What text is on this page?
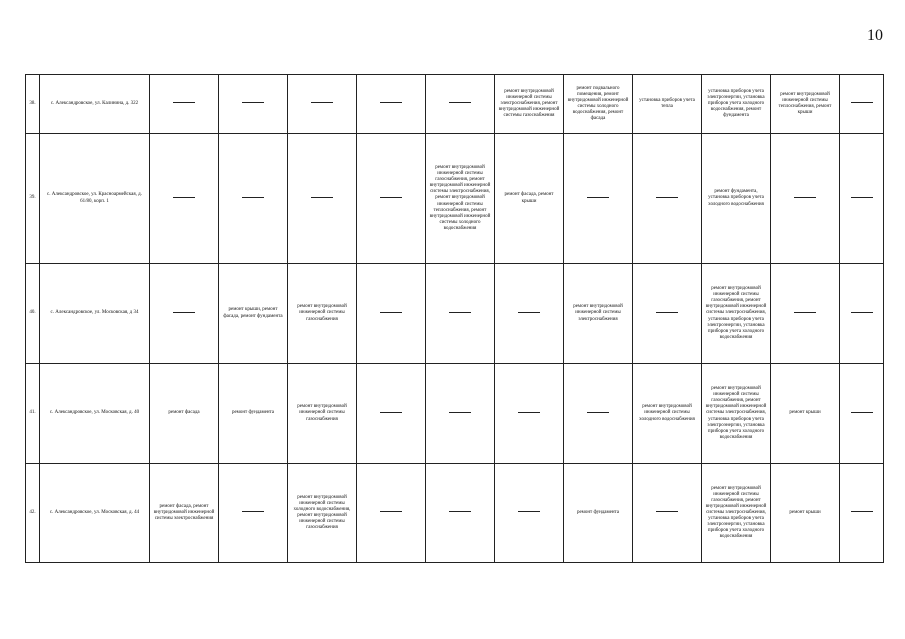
10
38.	с. Александровское, ул. Калинина, д. 322						ремонт внутридомовой инженерной системы электроснабжения, ремонт внутридомовой инженерной системы газоснабжения	ремонт подвального помещения, ремонт внутридомовой инженерной системы холодного водоснабжения, ремонт фасада	установка приборов учета тепла	установка приборов учета электроэнергии, установка приборов учета холодного водоснабжения, ремонт фундамента	ремонт внутридомовой инженерной системы теплоснабжения, ремонт крыши	
39.	с. Александровское, ул. Красноармейская, д. 61/80, корп. 1					ремонт внутридомовой инженерной системы газоснабжения, ремонт внутридомовой инженерной системы электроснабжения, ремонт внутридомовой инженерной системы теплоснабжения, ремонт внутридомовой инженерной системы холодного водоснабжения	ремонт фасада, ремонт крыши			ремонт фундамента, установка приборов учета холодного водоснабжения		
40.	с. Александровское, ул. Московская, д 34		ремонт крыши, ремонт фасада, ремонт фундамента	ремонт внутридомовой инженерной системы газоснабжения				ремонт внутридомовой инженерной системы электроснабжения		ремонт внутридомовой инженерной системы газоснабжения, ремонт внутридомовой инженерной системы электроснабжения, установка приборов учета электроэнергии, установка приборов учета холодного водоснабжения		
41.	с. Александровское, ул. Московская, д. 40	ремонт фасада	ремонт фундамента	ремонт внутридомовой инженерной системы газоснабжения					ремонт внутридомовой инженерной системы холодного водоснабжения	ремонт внутридомовой инженерной системы газоснабжения, ремонт внутридомовой инженерной системы электроснабжения, установка приборов учета электроэнергии, установка приборов учета холодного водоснабжения	ремонт крыши	
42.	с. Александровское, ул. Московская, д. 44	ремонт фасада, ремонт внутридомовой инженерной системы электроснабжения		ремонт внутридомовой инженерной системы холодного водоснабжения, ремонт внутридомовой инженерной системы газоснабжения				ремонт фундамента		ремонт внутридомовой инженерной системы газоснабжения, ремонт внутридомовой инженерной системы электроснабжения, установка приборов учета электроэнергии, установка приборов учета холодного водоснабжения	ремонт крыши	
